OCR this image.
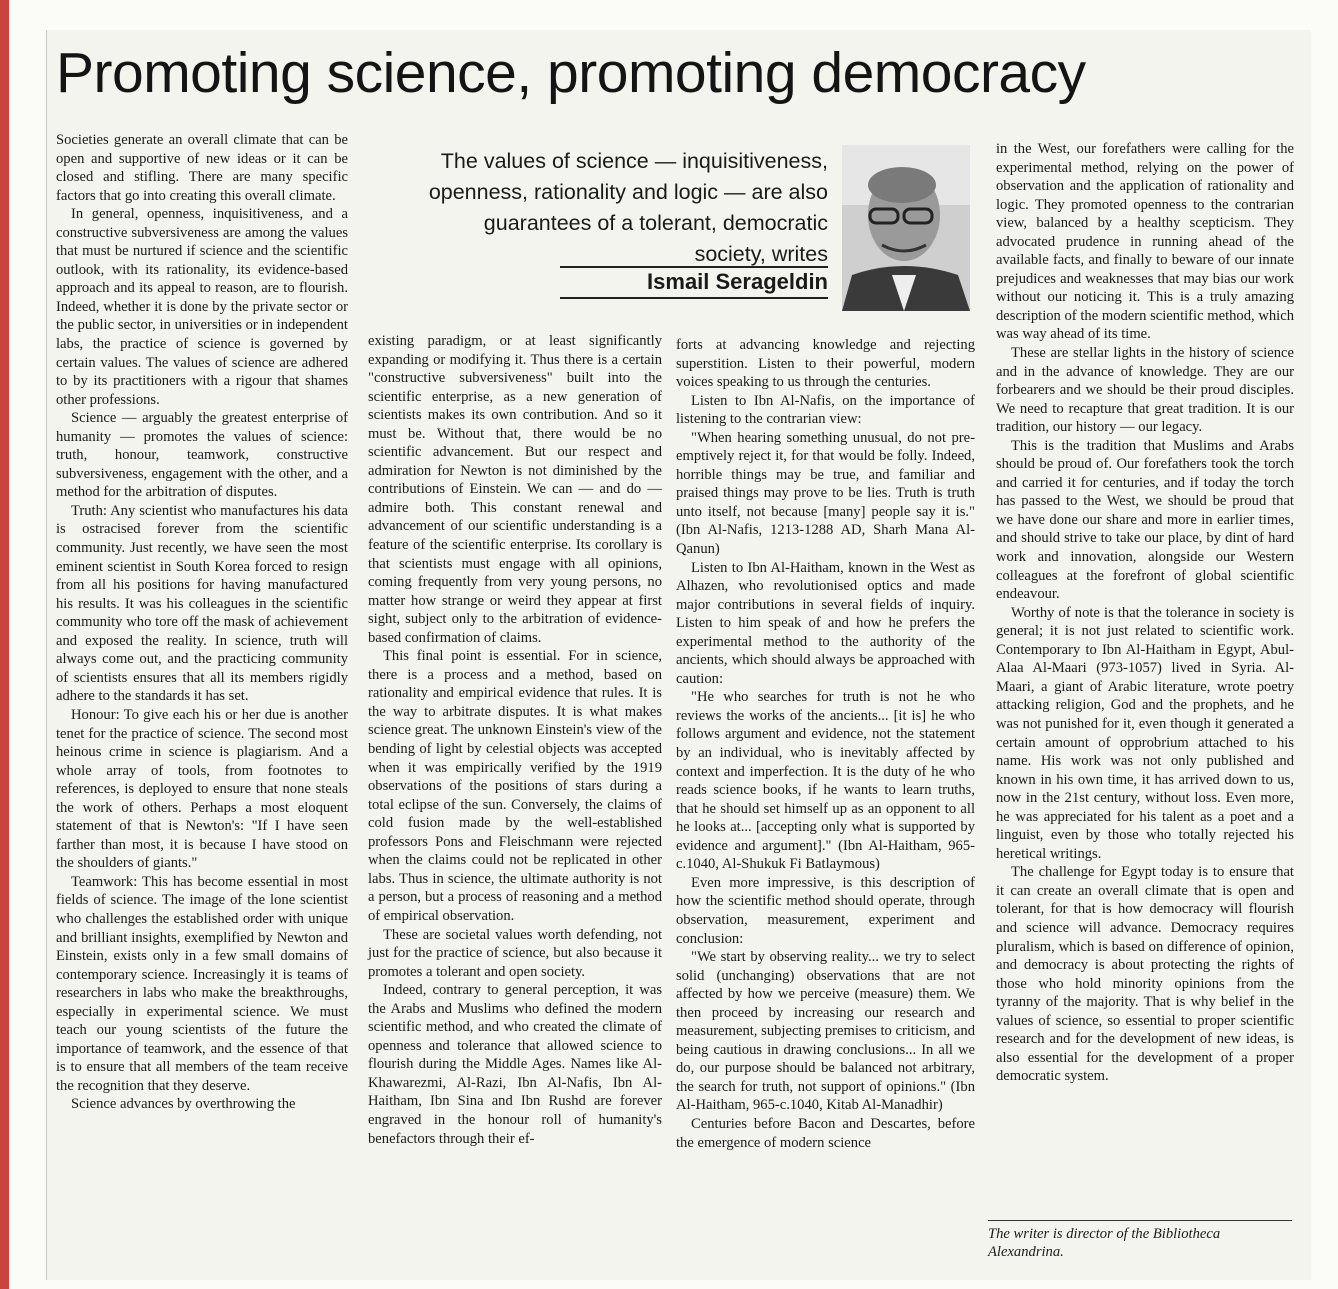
Promoting science, promoting democracy
The values of science — inquisitiveness, openness, rationality and logic — are also guarantees of a tolerant, democratic society, writes
Ismail Serageldin

Societies generate an overall climate that can be open and supportive of new ideas or it can be closed and stifling. There are many specific factors that go into creating this overall climate.

In general, openness, inquisitiveness, and a constructive subversiveness are among the values that must be nurtured if science and the scientific outlook, with its rationality, its evidence-based approach and its appeal to reason, are to flourish. Indeed, whether it is done by the private sector or the public sector, in universities or in independent labs, the practice of science is governed by certain values. The values of science are adhered to by its practitioners with a rigour that shames other professions.

Science — arguably the greatest enterprise of humanity — promotes the values of science: truth, honour, teamwork, constructive subversiveness, engagement with the other, and a method for the arbitration of disputes.

Truth: Any scientist who manufactures his data is ostracised forever from the scientific community. Just recently, we have seen the most eminent scientist in South Korea forced to resign from all his positions for having manufactured his results. It was his colleagues in the scientific community who tore off the mask of achievement and exposed the reality. In science, truth will always come out, and the practicing community of scientists ensures that all its members rigidly adhere to the standards it has set.

Honour: To give each his or her due is another tenet for the practice of science. The second most heinous crime in science is plagiarism. And a whole array of tools, from footnotes to references, is deployed to ensure that none steals the work of others. Perhaps a most eloquent statement of that is Newton's: "If I have seen farther than most, it is because I have stood on the shoulders of giants."

Teamwork: This has become essential in most fields of science. The image of the lone scientist who challenges the established order with unique and brilliant insights, exemplified by Newton and Einstein, exists only in a few small domains of contemporary science. Increasingly it is teams of researchers in labs who make the breakthroughs, especially in experimental science. We must teach our young scientists of the future the importance of teamwork, and the essence of that is to ensure that all members of the team receive the recognition that they deserve.

Science advances by overthrowing the

existing paradigm, or at least significantly expanding or modifying it. Thus there is a certain "constructive subversiveness" built into the scientific enterprise, as a new generation of scientists makes its own contribution. And so it must be. Without that, there would be no scientific advancement. But our respect and admiration for Newton is not diminished by the contributions of Einstein. We can — and do — admire both. This constant renewal and advancement of our scientific understanding is a feature of the scientific enterprise. Its corollary is that scientists must engage with all opinions, coming frequently from very young persons, no matter how strange or weird they appear at first sight, subject only to the arbitration of evidence-based confirmation of claims.

This final point is essential. For in science, there is a process and a method, based on rationality and empirical evidence that rules. It is the way to arbitrate disputes. It is what makes science great. The unknown Einstein's view of the bending of light by celestial objects was accepted when it was empirically verified by the 1919 observations of the positions of stars during a total eclipse of the sun. Conversely, the claims of cold fusion made by the well-established professors Pons and Fleischmann were rejected when the claims could not be replicated in other labs. Thus in science, the ultimate authority is not a person, but a process of reasoning and a method of empirical observation.

These are societal values worth defending, not just for the practice of science, but also because it promotes a tolerant and open society.

Indeed, contrary to general perception, it was the Arabs and Muslims who defined the modern scientific method, and who created the climate of openness and tolerance that allowed science to flourish during the Middle Ages. Names like Al-Khawarezmi, Al-Razi, Ibn Al-Nafis, Ibn Al-Haitham, Ibn Sina and Ibn Rushd are forever engraved in the honour roll of humanity's benefactors through their ef-

forts at advancing knowledge and rejecting superstition. Listen to their powerful, modern voices speaking to us through the centuries.

Listen to Ibn Al-Nafis, on the importance of listening to the contrarian view:

"When hearing something unusual, do not pre-emptively reject it, for that would be folly. Indeed, horrible things may be true, and familiar and praised things may prove to be lies. Truth is truth unto itself, not because [many] people say it is." (Ibn Al-Nafis, 1213-1288 AD, Sharh Mana Al-Qanun)

Listen to Ibn Al-Haitham, known in the West as Alhazen, who revolutionised optics and made major contributions in several fields of inquiry. Listen to him speak of and how he prefers the experimental method to the authority of the ancients, which should always be approached with caution:

"He who searches for truth is not he who reviews the works of the ancients... [it is] he who follows argument and evidence, not the statement by an individual, who is inevitably affected by context and imperfection. It is the duty of he who reads science books, if he wants to learn truths, that he should set himself up as an opponent to all he looks at... [accepting only what is supported by evidence and argument]." (Ibn Al-Haitham, 965-c.1040, Al-Shukuk Fi Batlaymous)

Even more impressive, is this description of how the scientific method should operate, through observation, measurement, experiment and conclusion:

"We start by observing reality... we try to select solid (unchanging) observations that are not affected by how we perceive (measure) them. We then proceed by increasing our research and measurement, subjecting premises to criticism, and being cautious in drawing conclusions... In all we do, our purpose should be balanced not arbitrary, the search for truth, not support of opinions." (Ibn Al-Haitham, 965-c.1040, Kitab Al-Manadhir)

Centuries before Bacon and Descartes, before the emergence of modern science

in the West, our forefathers were calling for the experimental method, relying on the power of observation and the application of rationality and logic. They promoted openness to the contrarian view, balanced by a healthy scepticism. They advocated prudence in running ahead of the available facts, and finally to beware of our innate prejudices and weaknesses that may bias our work without our noticing it. This is a truly amazing description of the modern scientific method, which was way ahead of its time.

These are stellar lights in the history of science and in the advance of knowledge. They are our forbearers and we should be their proud disciples. We need to recapture that great tradition. It is our tradition, our history — our legacy.

This is the tradition that Muslims and Arabs should be proud of. Our forefathers took the torch and carried it for centuries, and if today the torch has passed to the West, we should be proud that we have done our share and more in earlier times, and should strive to take our place, by dint of hard work and innovation, alongside our Western colleagues at the forefront of global scientific endeavour.

Worthy of note is that the tolerance in society is general; it is not just related to scientific work. Contemporary to Ibn Al-Haitham in Egypt, Abul-Alaa Al-Maari (973-1057) lived in Syria. Al-Maari, a giant of Arabic literature, wrote poetry attacking religion, God and the prophets, and he was not punished for it, even though it generated a certain amount of opprobrium attached to his name. His work was not only published and known in his own time, it has arrived down to us, now in the 21st century, without loss. Even more, he was appreciated for his talent as a poet and a linguist, even by those who totally rejected his heretical writings.

The challenge for Egypt today is to ensure that it can create an overall climate that is open and tolerant, for that is how democracy will flourish and science will advance. Democracy requires pluralism, which is based on difference of opinion, and democracy is about protecting the rights of those who hold minority opinions from the tyranny of the majority. That is why belief in the values of science, so essential to proper scientific research and for the development of new ideas, is also essential for the development of a proper democratic system.

The writer is director of the Bibliotheca Alexandrina.
